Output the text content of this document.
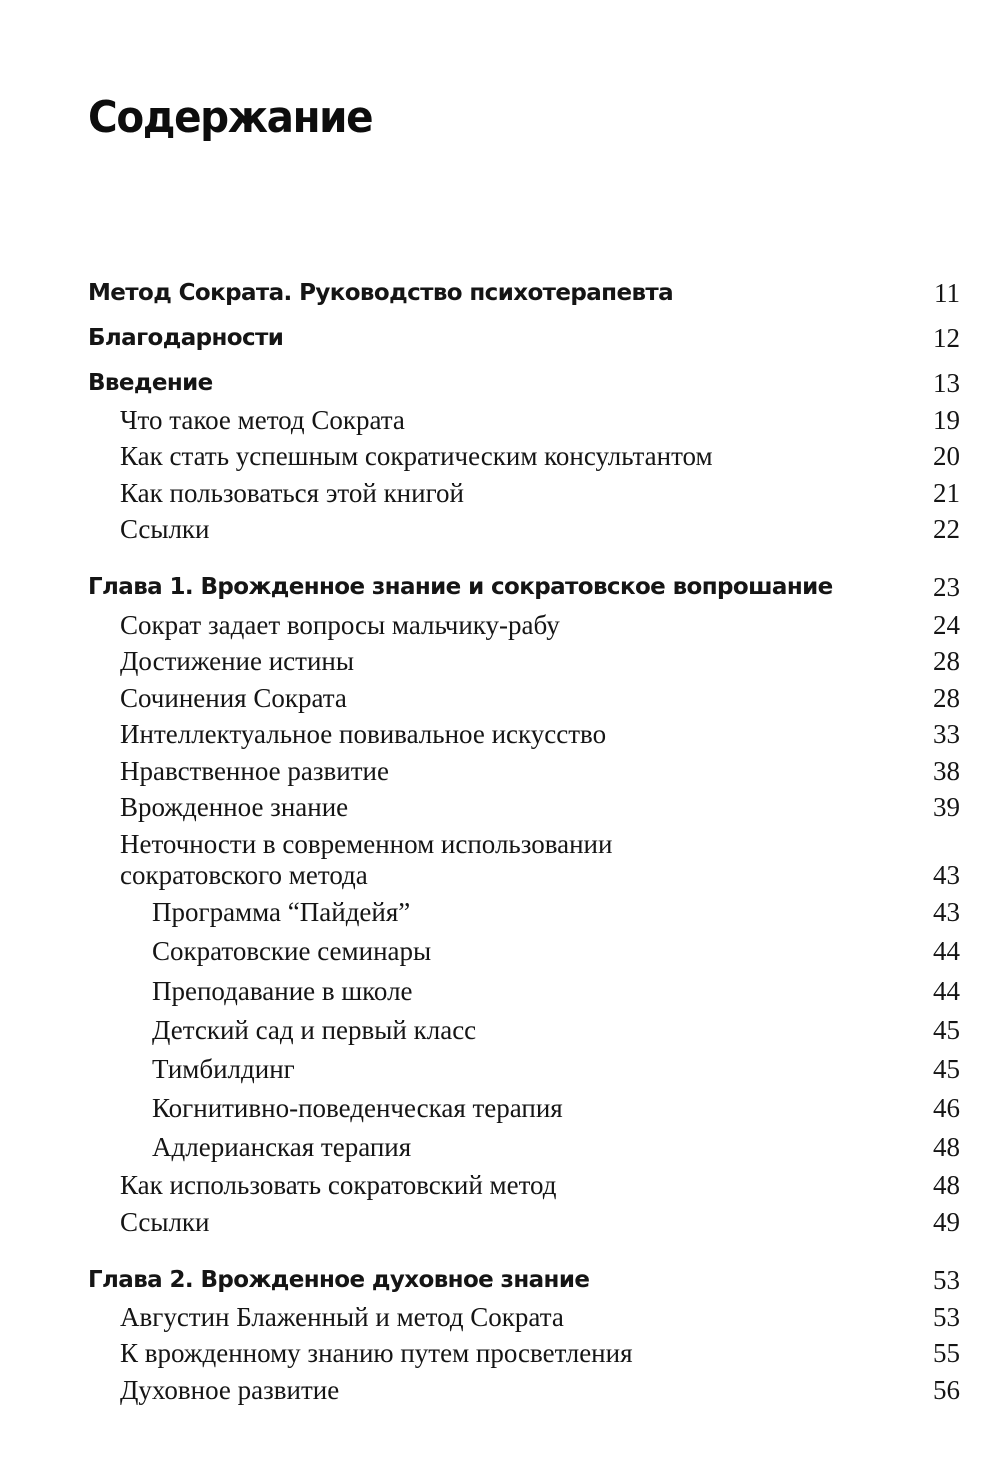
Содержание
Метод Сократа. Руководство психотерапевта	11
Благодарности	12
Введение	13
Что такое метод Сократа	19
Как стать успешным сократическим консультантом	20
Как пользоваться этой книгой	21
Ссылки	22
Глава 1. Врожденное знание и сократовское вопрошание	23
Сократ задает вопросы мальчику-рабу	24
Достижение истины	28
Сочинения Сократа	28
Интеллектуальное повивальное искусство	33
Нравственное развитие	38
Врожденное знание	39
Неточности в современном использовании
сократовского метода	43
Программа “Пайдейя”	43
Сократовские семинары	44
Преподавание в школе	44
Детский сад и первый класс	45
Тимбилдинг	45
Когнитивно-поведенческая терапия	46
Адлерианская терапия	48
Как использовать сократовский метод	48
Ссылки	49
Глава 2. Врожденное духовное знание	53
Августин Блаженный и метод Сократа	53
К врожденному знанию путем просветления	55
Духовное развитие	56
